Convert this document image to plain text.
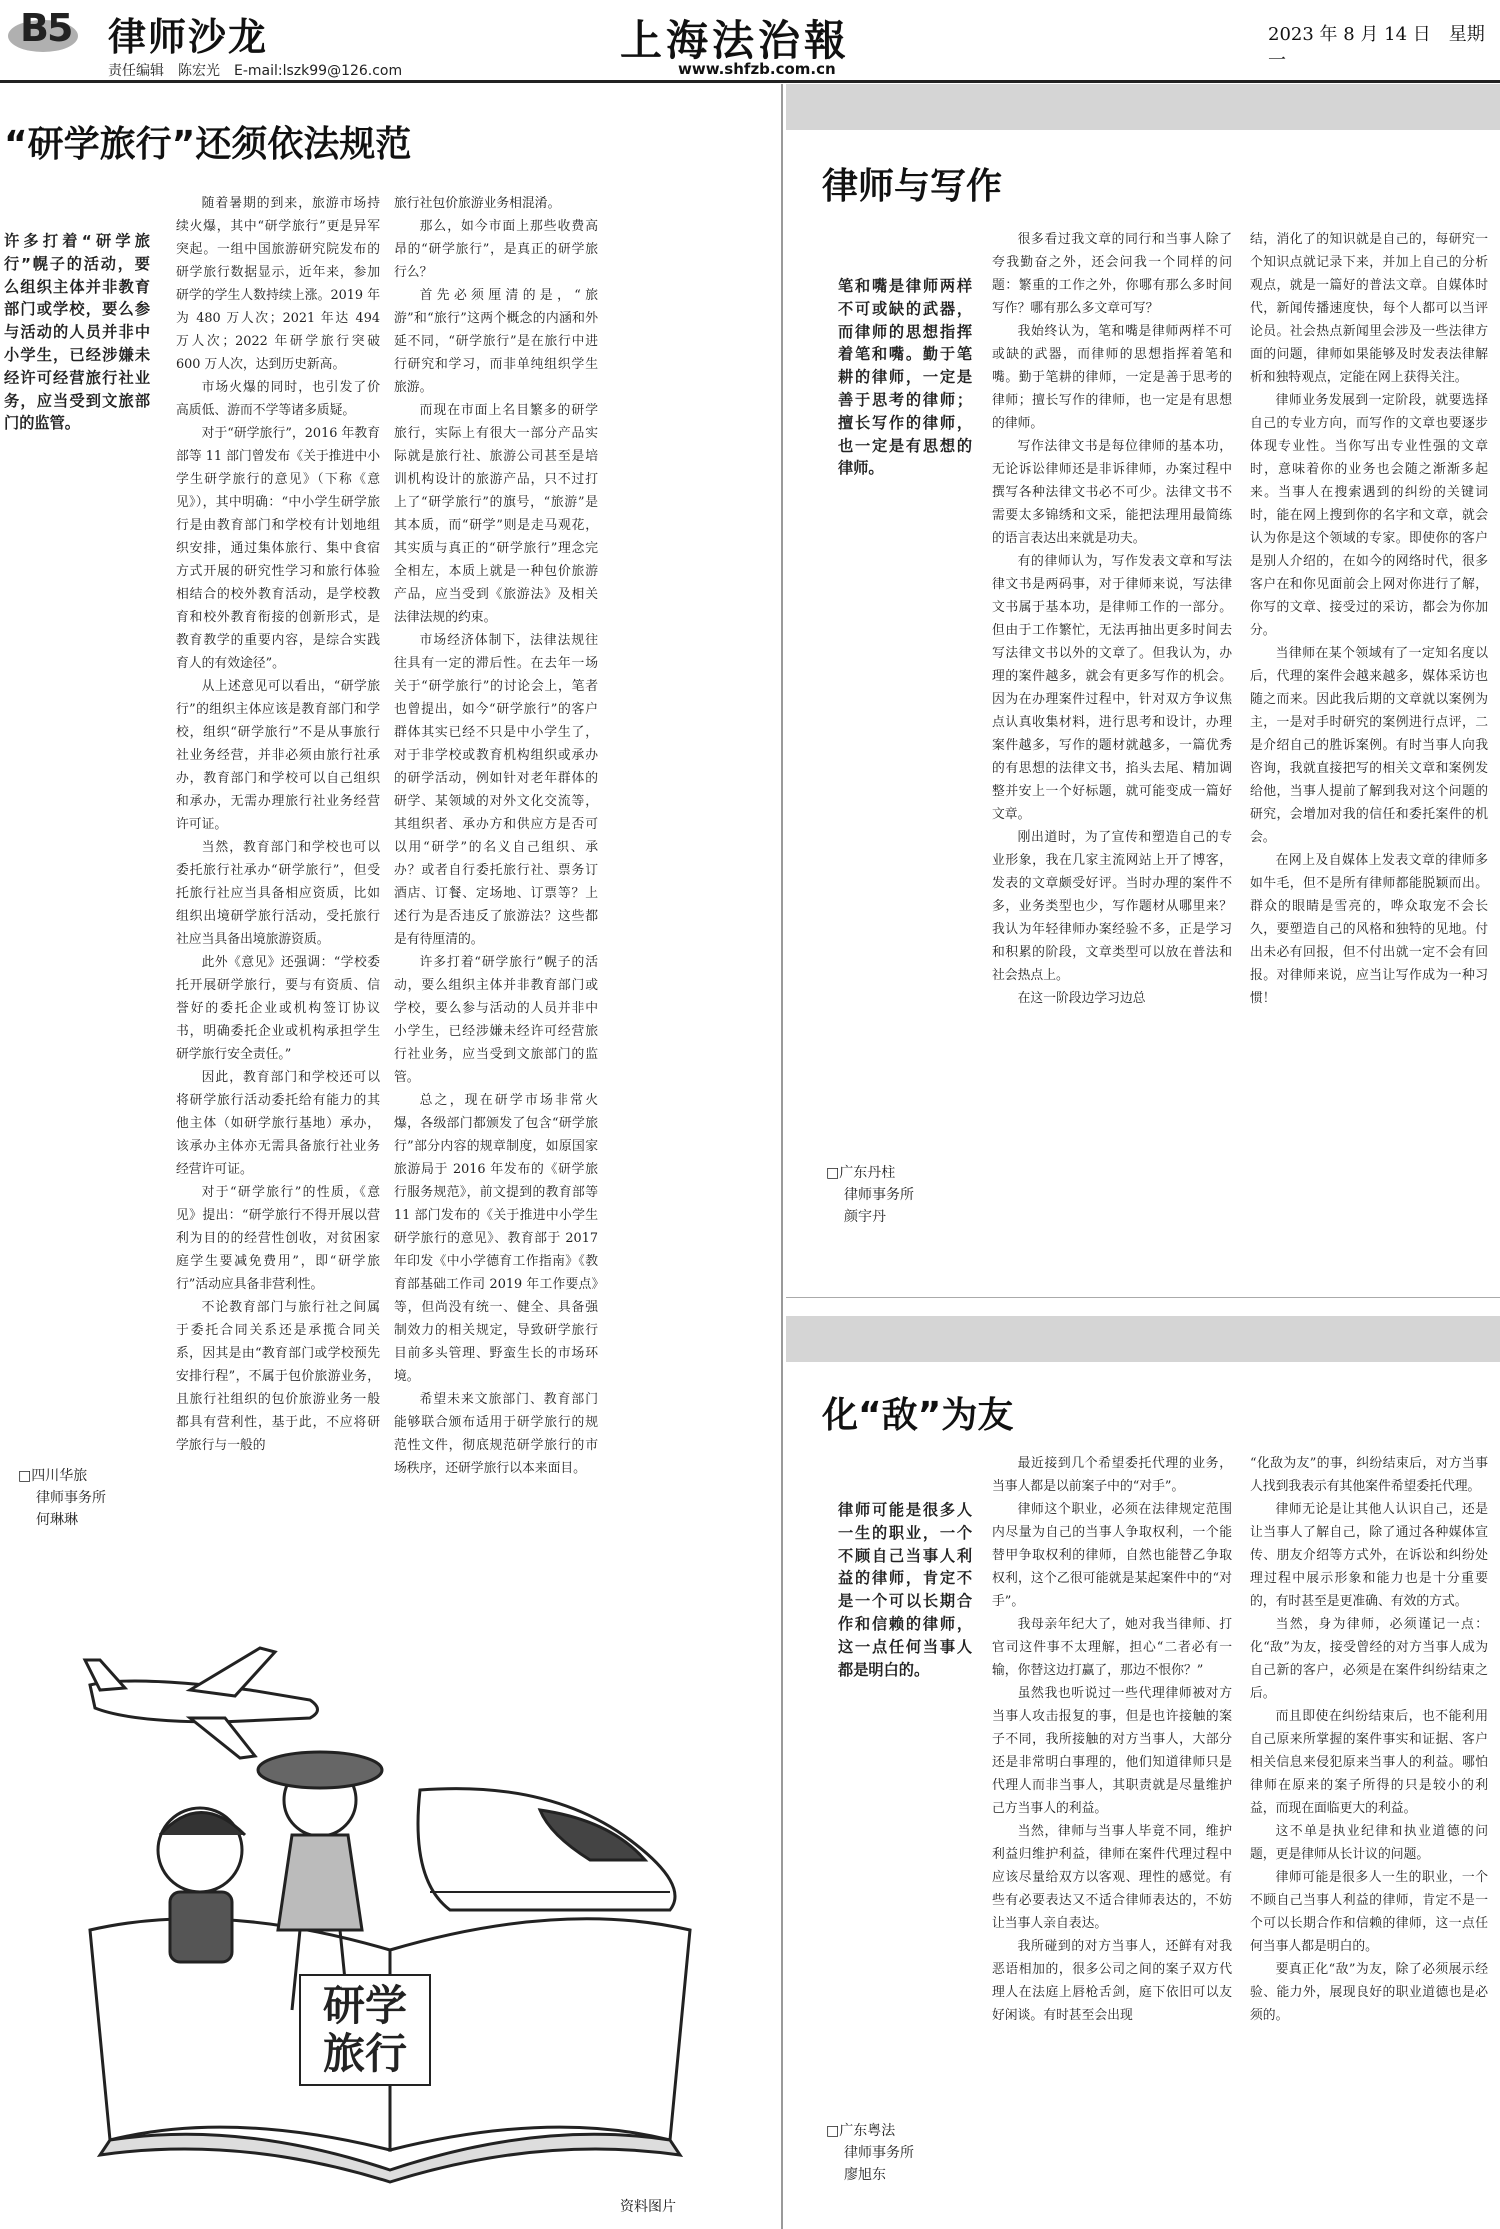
B5 律师沙龙
责任编辑　陈宏光　E-mail:lszk99@126.com
上海法治報
www.shfzb.com.cn
2023 年 8 月 14 日　星期一
“研学旅行”还须依法规范
许多打着“研学旅行”幌子的活动，要么组织主体并非教育部门或学校，要么参与活动的人员并非中小学生，已经涉嫌未经许可经营旅行社业务，应当受到文旅部门的监管。

随着暑期的到来，旅游市场持续火爆，其中“研学旅行”更是异军突起。一组中国旅游研究院发布的研学旅行数据显示，近年来，参加研学的学生人数持续上涨。2019 年为 480 万人次；2021 年达 494 万人次；2022 年研学旅行突破 600 万人次，达到历史新高。

市场火爆的同时，也引发了价高质低、游而不学等诸多质疑。

对于“研学旅行”，2016 年教育部等 11 部门曾发布《关于推进中小学生研学旅行的意见》（下称《意见》），其中明确：“中小学生研学旅行是由教育部门和学校有计划地组织安排，通过集体旅行、集中食宿方式开展的研究性学习和旅行体验相结合的校外教育活动，是学校教育和校外教育衔接的创新形式，是教育教学的重要内容，是综合实践育人的有效途径”。

从上述意见可以看出，“研学旅行”的组织主体应该是教育部门和学校，组织“研学旅行”不是从事旅行社业务经营，并非必须由旅行社承办，教育部门和学校可以自己组织和承办，无需办理旅行社业务经营许可证。

当然，教育部门和学校也可以委托旅行社承办“研学旅行”，但受托旅行社应当具备相应资质，比如组织出境研学旅行活动，受托旅行社应当具备出境旅游资质。

此外《意见》还强调：“学校委托开展研学旅行，要与有资质、信誉好的委托企业或机构签订协议书，明确委托企业或机构承担学生研学旅行安全责任。”

因此，教育部门和学校还可以将研学旅行活动委托给有能力的其他主体（如研学旅行基地）承办，该承办主体亦无需具备旅行社业务经营许可证。

对于“研学旅行”的性质，《意见》提出：“研学旅行不得开展以营利为目的的经营性创收，对贫困家庭学生要减免费用”，即“研学旅行”活动应具备非营利性。

不论教育部门与旅行社之间属于委托合同关系还是承揽合同关系，因其是由“教育部门或学校预先安排行程”，不属于包价旅游业务，且旅行社组织的包价旅游业务一般都具有营利性，基于此，不应将研学旅行与一般的

旅行社包价旅游业务相混淆。

那么，如今市面上那些收费高昂的“研学旅行”，是真正的研学旅行么？

首先必须厘清的是，“旅游”和“旅行”这两个概念的内涵和外延不同，“研学旅行”是在旅行中进行研究和学习，而非单纯组织学生旅游。

而现在市面上名目繁多的研学旅行，实际上有很大一部分产品实际就是旅行社、旅游公司甚至是培训机构设计的旅游产品，只不过打上了“研学旅行”的旗号，“旅游”是其本质，而“研学”则是走马观花，其实质与真正的“研学旅行”理念完全相左，本质上就是一种包价旅游产品，应当受到《旅游法》及相关法律法规的约束。

市场经济体制下，法律法规往往具有一定的滞后性。在去年一场关于“研学旅行”的讨论会上，笔者也曾提出，如今“研学旅行”的客户群体其实已经不只是中小学生了，对于非学校或教育机构组织或承办的研学活动，例如针对老年群体的研学、某领域的对外文化交流等，其组织者、承办方和供应方是否可以用“研学”的名义自己组织、承办？或者自行委托旅行社、票务订酒店、订餐、定场地、订票等？上述行为是否违反了旅游法？这些都是有待厘清的。

许多打着“研学旅行”幌子的活动，要么组织主体并非教育部门或学校，要么参与活动的人员并非中小学生，已经涉嫌未经许可经营旅行社业务，应当受到文旅部门的监管。

总之，现在研学市场非常火爆，各级部门都颁发了包含“研学旅行”部分内容的规章制度，如原国家旅游局于 2016 年发布的《研学旅行服务规范》，前文提到的教育部等 11 部门发布的《关于推进中小学生研学旅行的意见》、教育部于 2017 年印发《中小学德育工作指南》《教育部基础工作司 2019 年工作要点》等，但尚没有统一、健全、具备强制效力的相关规定，导致研学旅行目前多头管理、野蛮生长的市场环境。

希望未来文旅部门、教育部门能够联合颁布适用于研学旅行的规范性文件，彻底规范研学旅行的市场秩序，还研学旅行以本来面目。

□四川华旅
律师事务所
何琳琳
研学旅行
资料图片
律师与写作
笔和嘴是律师两样不可或缺的武器，而律师的思想指挥着笔和嘴。勤于笔耕的律师，一定是善于思考的律师；擅长写作的律师，也一定是有思想的律师。

很多看过我文章的同行和当事人除了夸我勤奋之外，还会问我一个同样的问题：繁重的工作之外，你哪有那么多时间写作？哪有那么多文章可写？

我始终认为，笔和嘴是律师两样不可或缺的武器，而律师的思想指挥着笔和嘴。勤于笔耕的律师，一定是善于思考的律师；擅长写作的律师，也一定是有思想的律师。

写作法律文书是每位律师的基本功，无论诉讼律师还是非诉律师，办案过程中撰写各种法律文书必不可少。法律文书不需要太多锦绣和文采，能把法理用最简练的语言表达出来就是功夫。

有的律师认为，写作发表文章和写法律文书是两码事，对于律师来说，写法律文书属于基本功，是律师工作的一部分。但由于工作繁忙，无法再抽出更多时间去写法律文书以外的文章了。但我认为，办理的案件越多，就会有更多写作的机会。因为在办理案件过程中，针对双方争议焦点认真收集材料，进行思考和设计，办理案件越多，写作的题材就越多，一篇优秀的有思想的法律文书，掐头去尾、精加调整并安上一个好标题，就可能变成一篇好文章。

刚出道时，为了宣传和塑造自己的专业形象，我在几家主流网站上开了博客，发表的文章颇受好评。当时办理的案件不多，业务类型也少，写作题材从哪里来？我认为年轻律师办案经验不多，正是学习和积累的阶段，文章类型可以放在普法和社会热点上。

在这一阶段边学习边总

结，消化了的知识就是自己的，每研究一个知识点就记录下来，并加上自己的分析观点，就是一篇好的普法文章。自媒体时代，新闻传播速度快，每个人都可以当评论员。社会热点新闻里会涉及一些法律方面的问题，律师如果能够及时发表法律解析和独特观点，定能在网上获得关注。

律师业务发展到一定阶段，就要选择自己的专业方向，而写作的文章也要逐步体现专业性。当你写出专业性强的文章时，意味着你的业务也会随之渐渐多起来。当事人在搜索遇到的纠纷的关键词时，能在网上搜到你的名字和文章，就会认为你是这个领域的专家。即使你的客户是别人介绍的，在如今的网络时代，很多客户在和你见面前会上网对你进行了解，你写的文章、接受过的采访，都会为你加分。

当律师在某个领域有了一定知名度以后，代理的案件会越来越多，媒体采访也随之而来。因此我后期的文章就以案例为主，一是对手时研究的案例进行点评，二是介绍自己的胜诉案例。有时当事人向我咨询，我就直接把写的相关文章和案例发给他，当事人提前了解到我对这个问题的研究，会增加对我的信任和委托案件的机会。

在网上及自媒体上发表文章的律师多如牛毛，但不是所有律师都能脱颖而出。群众的眼睛是雪亮的，哗众取宠不会长久，要塑造自己的风格和独特的见地。付出未必有回报，但不付出就一定不会有回报。对律师来说，应当让写作成为一种习惯！

□广东丹柱
律师事务所
颜宇丹
化“敌”为友
律师可能是很多人一生的职业，一个不顾自己当事人利益的律师，肯定不是一个可以长期合作和信赖的律师，这一点任何当事人都是明白的。

最近接到几个希望委托代理的业务，当事人都是以前案子中的“对手”。

律师这个职业，必须在法律规定范围内尽量为自己的当事人争取权利，一个能替甲争取权利的律师，自然也能替乙争取权利，这个乙很可能就是某起案件中的“对手”。

我母亲年纪大了，她对我当律师、打官司这件事不太理解，担心“二者必有一输，你替这边打赢了，那边不恨你？”

虽然我也听说过一些代理律师被对方当事人攻击报复的事，但是也许接触的案子不同，我所接触的对方当事人，大部分还是非常明白事理的，他们知道律师只是代理人而非当事人，其职责就是尽量维护己方当事人的利益。

当然，律师与当事人毕竟不同，维护利益归维护利益，律师在案件代理过程中应该尽量给双方以客观、理性的感觉。有些有必要表达又不适合律师表达的，不妨让当事人亲自表达。

我所碰到的对方当事人，还鲜有对我恶语相加的，很多公司之间的案子双方代理人在法庭上唇枪舌剑，庭下依旧可以友好闲谈。有时甚至会出现

“化敌为友”的事，纠纷结束后，对方当事人找到我表示有其他案件希望委托代理。

律师无论是让其他人认识自己，还是让当事人了解自己，除了通过各种媒体宣传、朋友介绍等方式外，在诉讼和纠纷处理过程中展示形象和能力也是十分重要的，有时甚至是更准确、有效的方式。

当然，身为律师，必须谨记一点：化“敌”为友，接受曾经的对方当事人成为自己新的客户，必须是在案件纠纷结束之后。

而且即使在纠纷结束后，也不能利用自己原来所掌握的案件事实和证据、客户相关信息来侵犯原来当事人的利益。哪怕律师在原来的案子所得的只是较小的利益，而现在面临更大的利益。

这不单是执业纪律和执业道德的问题，更是律师从长计议的问题。

律师可能是很多人一生的职业，一个不顾自己当事人利益的律师，肯定不是一个可以长期合作和信赖的律师，这一点任何当事人都是明白的。

要真正化“敌”为友，除了必须展示经验、能力外，展现良好的职业道德也是必须的。

□广东粤法
律师事务所
廖旭东
